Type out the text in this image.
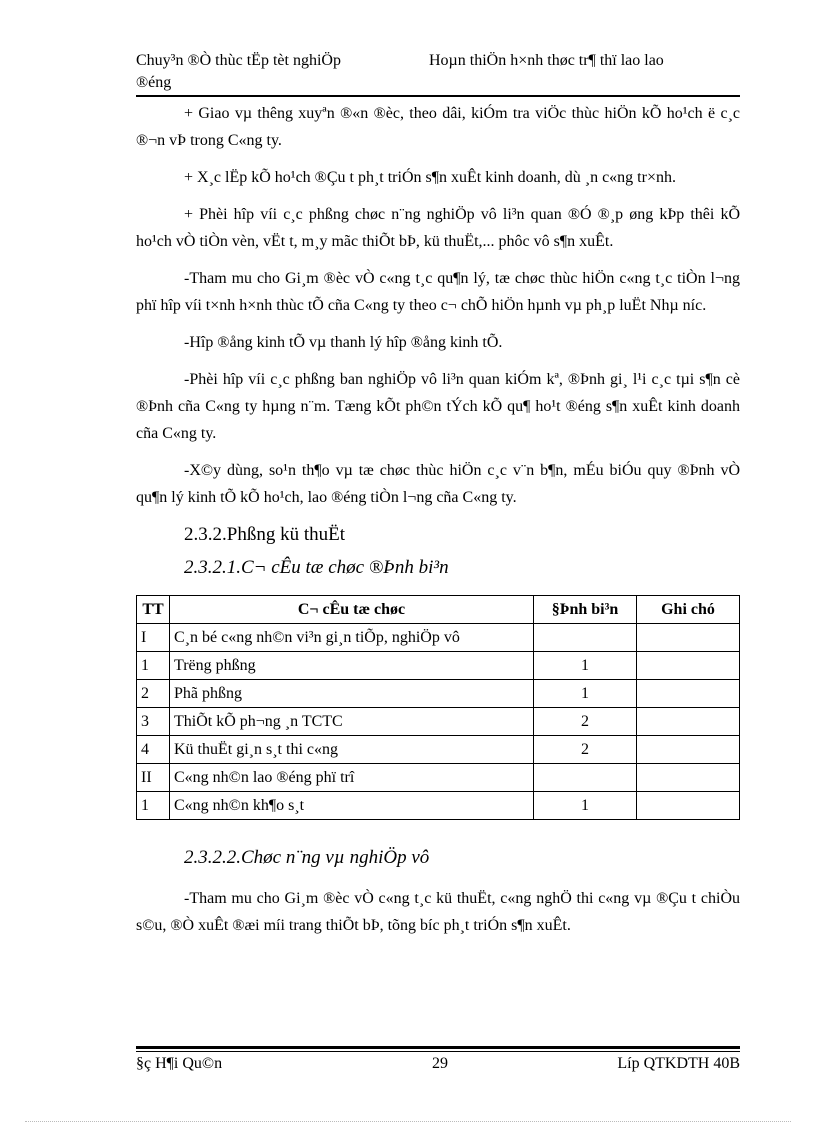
Chuy³n ®Ò thùc tËp tèt nghiÖp	Hoµn thiÖn h×nh thøc tr¶ thï lao lao
®éng

+ Giao vµ thêng xuyªn ®«n ®èc, theo dâi, kiÓm tra viÖc thùc hiÖn kÕ ho¹ch ë c¸c ®¬n vÞ trong C«ng ty.

+ X¸c lËp kÕ ho¹ch ®Çu t ph¸t triÓn s¶n xuÊt kinh doanh, dù ¸n c«ng tr×nh.

+ Phèi hîp víi c¸c phßng chøc n¨ng nghiÖp vô li³n quan ®Ó ®¸p øng kÞp thêi kÕ ho¹ch vÒ tiÒn vèn, vËt t, m¸y mãc thiÕt bÞ, kü thuËt,... phôc vô s¶n xuÊt.

-Tham mu cho Gi¸m ®èc vÒ c«ng t¸c qu¶n lý, tæ chøc thùc hiÖn c«ng t¸c tiÒn l¬ng phï hîp víi t×nh h×nh thùc tÕ cña C«ng ty theo c¬ chÕ hiÖn hµnh vµ ph¸p luËt Nhµ níc.

-Hîp ®ång kinh tÕ vµ thanh lý hîp ®ång kinh tÕ.

-Phèi hîp víi c¸c phßng ban nghiÖp vô li³n quan kiÓm kª, ®Þnh gi¸ l¹i c¸c tµi s¶n cè ®Þnh cña C«ng ty hµng n¨m. Tæng kÕt ph©n tÝch kÕ qu¶ ho¹t ®éng s¶n xuÊt kinh doanh cña C«ng ty.

-X©y dùng, so¹n th¶o vµ tæ chøc thùc hiÖn c¸c v¨n b¶n, mÉu biÓu quy ®Þnh vÒ qu¶n lý kinh tÕ kÕ ho¹ch, lao ®éng tiÒn l¬ng cña C«ng ty.

2.3.2.Phßng kü thuËt

2.3.2.1.C¬ cÊu tæ chøc ®Þnh bi³n

TT	C¬ cÊu tæ chøc	§Þnh bi³n	Ghi chó
I	C¸n bé c«ng nh©n vi³n gi¸n tiÕp, nghiÖp vô		
1	Trëng phßng	1	
2	Phã phßng	1	
3	ThiÕt kÕ ph¬ng ¸n TCTC	2	
4	Kü thuËt gi¸n s¸t thi c«ng	2	
II	C«ng nh©n lao ®éng phï trî		
1	C«ng nh©n kh¶o s¸t	1	

2.3.2.2.Chøc n¨ng vµ nghiÖp vô

-Tham mu cho Gi¸m ®èc vÒ c«ng t¸c kü thuËt, c«ng nghÖ thi c«ng vµ ®Çu t chiÒu s©u, ®Ò xuÊt ®æi míi trang thiÕt bÞ, tõng bíc ph¸t triÓn s¶n xuÊt.

§ç H¶i Qu©n	29	Líp QTKDTH 40B
